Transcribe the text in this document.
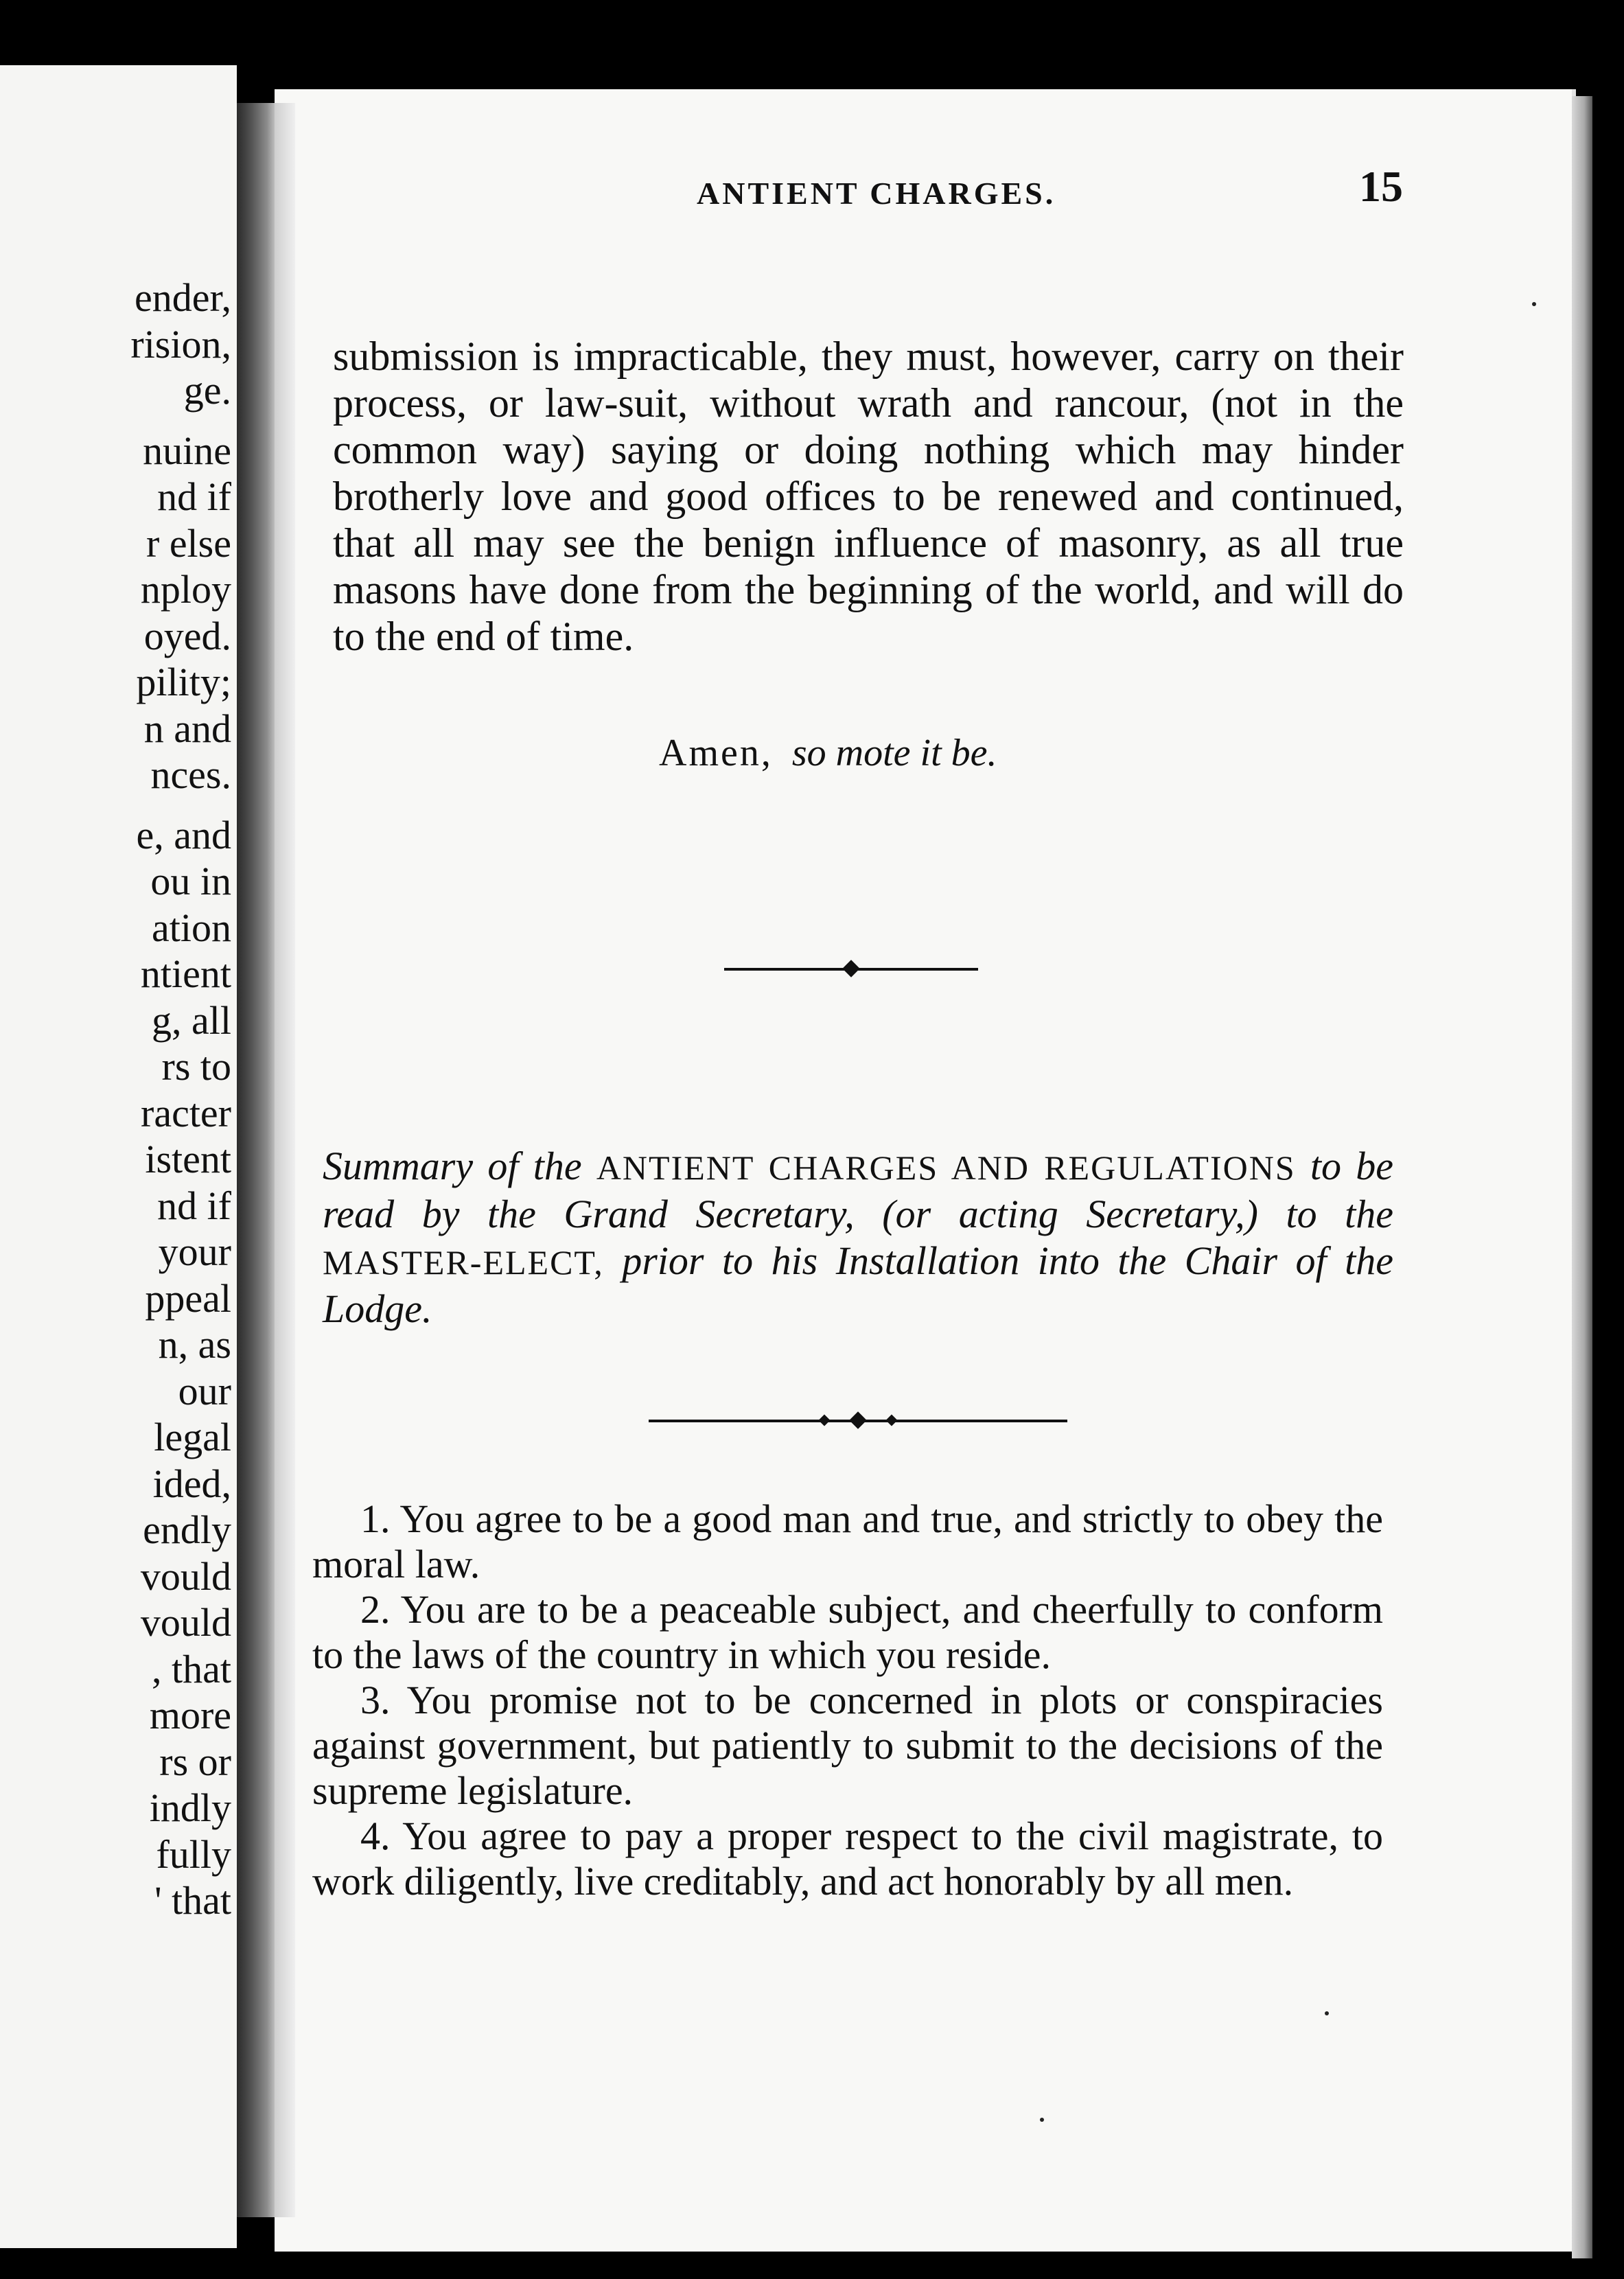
ender,
rision,
ge.
nuine
nd if
r else
nploy
oyed.
pility;
n and
nces.
e, and
ou in
ation
ntient
g, all
rs to
racter
istent
nd if
your
ppeal
n, as
our
legal
ided,
endly
vould
vould
, that
more
rs or
indly
fully
' that
ANTIENT CHARGES.	15
submission is impracticable, they must, however, carry on their process, or law-suit, without wrath and rancour, (not in the common way) saying or doing nothing which may hinder brotherly love and good offices to be renewed and continued, that all may see the benign influence of masonry, as all true masons have done from the beginning of the world, and will do to the end of time.
Amen, so mote it be.
Summary of the ANTIENT CHARGES AND REGULATIONS to be read by the Grand Secretary, (or acting Secretary,) to the MASTER-ELECT, prior to his Installation into the Chair of the Lodge.

1. You agree to be a good man and true, and strictly to obey the moral law.

2. You are to be a peaceable subject, and cheerfully to conform to the laws of the country in which you reside.

3. You promise not to be concerned in plots or conspiracies against government, but patiently to submit to the decisions of the supreme legislature.

4. You agree to pay a proper respect to the civil magistrate, to work diligently, live creditably, and act honorably by all men.
